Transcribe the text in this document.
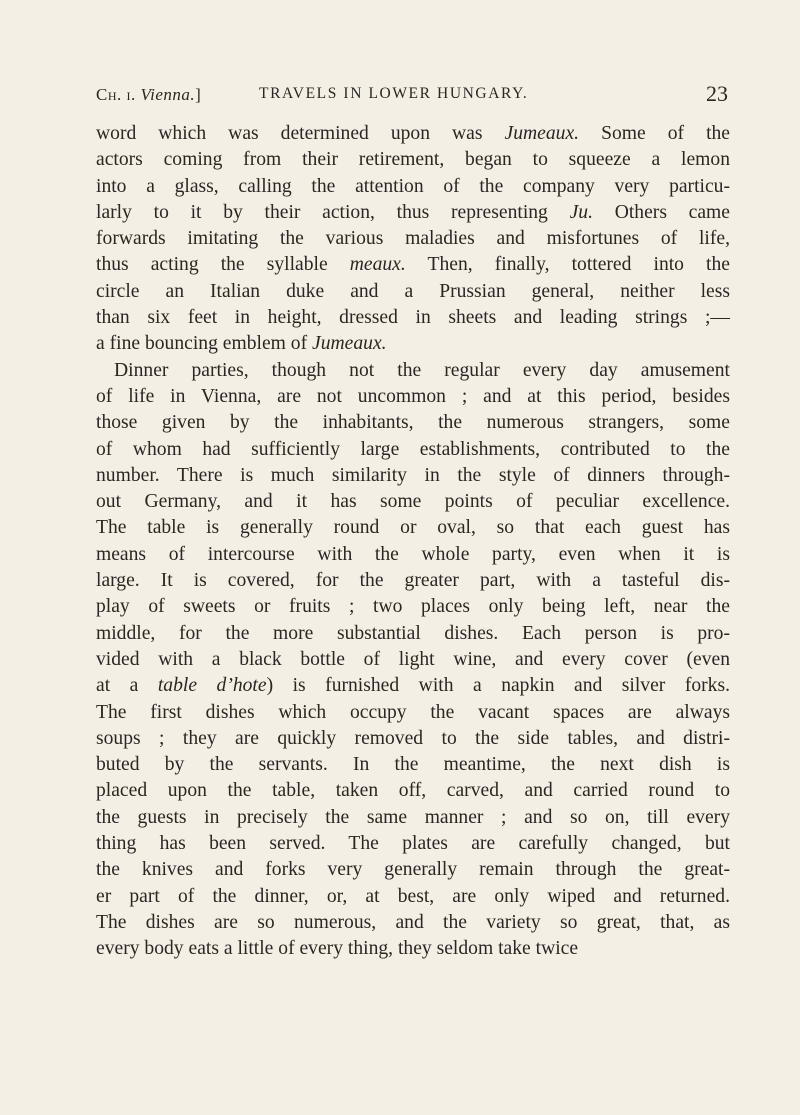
Ch. i. Vienna.]	TRAVELS IN LOWER HUNGARY.	23
word which was determined upon was Jumeaux. Some of the
actors coming from their retirement, began to squeeze a lemon
into a glass, calling the attention of the company very particu-
larly to it by their action, thus representing Ju. Others came
forwards imitating the various maladies and misfortunes of life,
thus acting the syllable meaux. Then, finally, tottered into the
circle an Italian duke and a Prussian general, neither less
than six feet in height, dressed in sheets and leading strings ;—
a fine bouncing emblem of Jumeaux.
Dinner parties, though not the regular every day amusement
of life in Vienna, are not uncommon ; and at this period, besides
those given by the inhabitants, the numerous strangers, some
of whom had sufficiently large establishments, contributed to the
number. There is much similarity in the style of dinners through-
out Germany, and it has some points of peculiar excellence.
The table is generally round or oval, so that each guest has
means of intercourse with the whole party, even when it is
large. It is covered, for the greater part, with a tasteful dis-
play of sweets or fruits ; two places only being left, near the
middle, for the more substantial dishes. Each person is pro-
vided with a black bottle of light wine, and every cover (even
at a table d’hote) is furnished with a napkin and silver forks.
The first dishes which occupy the vacant spaces are always
soups ; they are quickly removed to the side tables, and distri-
buted by the servants. In the meantime, the next dish is
placed upon the table, taken off, carved, and carried round to
the guests in precisely the same manner ; and so on, till every
thing has been served. The plates are carefully changed, but
the knives and forks very generally remain through the great-
er part of the dinner, or, at best, are only wiped and returned.
The dishes are so numerous, and the variety so great, that, as
every body eats a little of every thing, they seldom take twice
